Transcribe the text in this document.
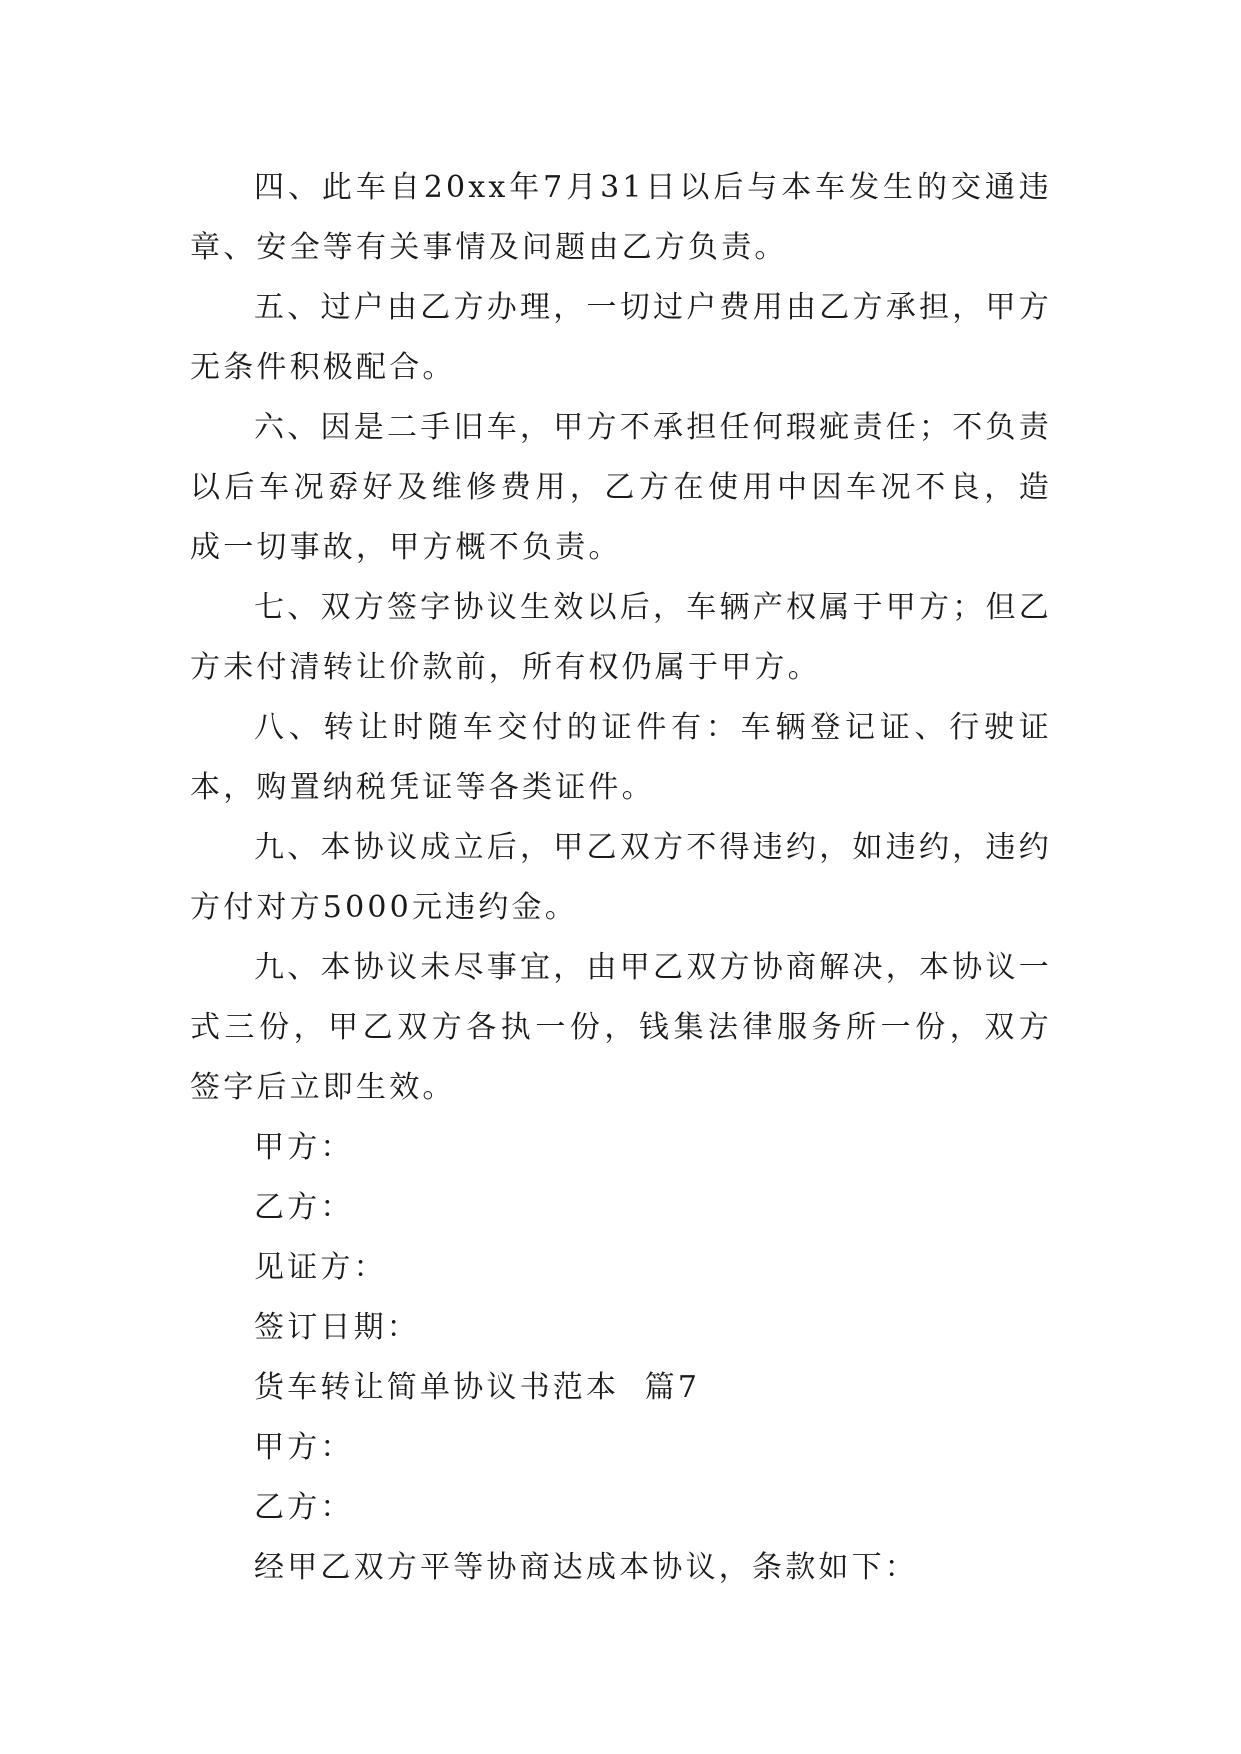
四、此车自20xx年7月31日以后与本车发生的交通违章、安全等有关事情及问题由乙方负责。

五、过户由乙方办理，一切过户费用由乙方承担，甲方无条件积极配合。

六、因是二手旧车，甲方不承担任何瑕疵责任；不负责以后车况孬好及维修费用，乙方在使用中因车况不良，造成一切事故，甲方概不负责。

七、双方签字协议生效以后，车辆产权属于甲方；但乙方未付清转让价款前，所有权仍属于甲方。

八、转让时随车交付的证件有：车辆登记证、行驶证本，购置纳税凭证等各类证件。

九、本协议成立后，甲乙双方不得违约，如违约，违约方付对方5000元违约金。

九、本协议未尽事宜，由甲乙双方协商解决，本协议一式三份，甲乙双方各执一份，钱集法律服务所一份，双方签字后立即生效。

甲方：

乙方：

见证方：

签订日期：

货车转让简单协议书范本  篇7

甲方：

乙方：

经甲乙双方平等协商达成本协议，条款如下：
